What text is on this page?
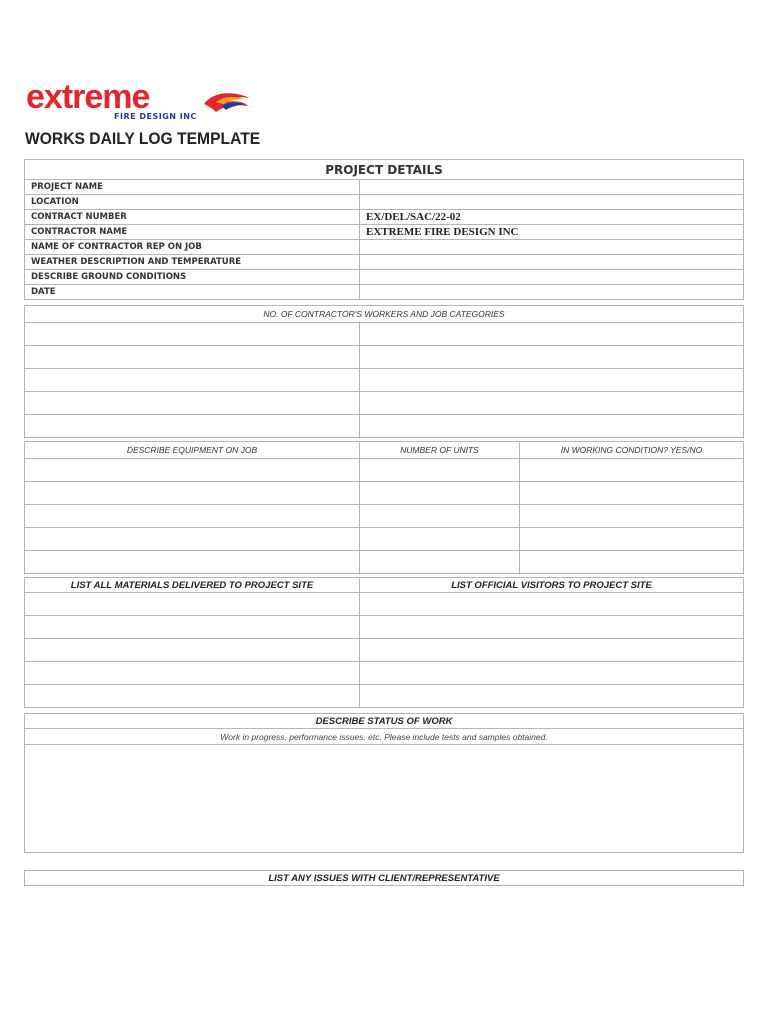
extreme
FIRE DESIGN INC
WORKS DAILY LOG TEMPLATE
PROJECT DETAILS	
PROJECT NAME	
LOCATION	
CONTRACT NUMBER	EX/DEL/SAC/22-02
CONTRACTOR NAME	EXTREME FIRE DESIGN INC
NAME OF CONTRACTOR REP ON JOB	
WEATHER DESCRIPTION AND TEMPERATURE	
DESCRIBE GROUND CONDITIONS	
DATE	
NO. OF CONTRACTOR'S WORKERS AND JOB CATEGORIES	

DESCRIBE EQUIPMENT ON JOB	NUMBER OF UNITS	IN WORKING CONDITION? YES/NO

LIST ALL MATERIALS DELIVERED TO PROJECT SITE	LIST OFFICIAL VISITORS TO PROJECT SITE

DESCRIBE STATUS OF WORK
Work in progress, performance issues, etc. Please include tests and samples obtained.

LIST ANY ISSUES WITH CLIENT/REPRESENTATIVE
